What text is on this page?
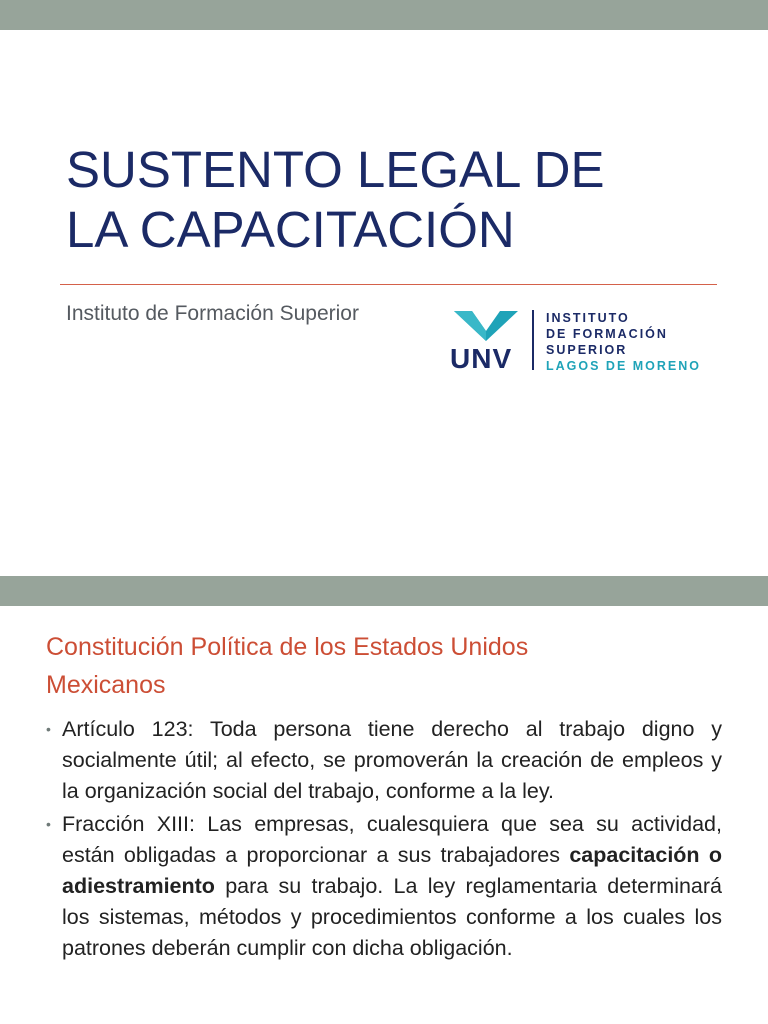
SUSTENTO LEGAL DE
LA CAPACITACIÓN
Instituto de Formación Superior
UNV
INSTITUTO
DE FORMACIÓN
SUPERIOR
LAGOS DE MORENO
Constitución Política de los Estados Unidos
Mexicanos
• Artículo 123: Toda persona tiene derecho al trabajo digno y socialmente útil; al efecto, se promoverán la creación de empleos y la organización social del trabajo, conforme a la ley.
• Fracción XIII: Las empresas, cualesquiera que sea su actividad, están obligadas a proporcionar a sus trabajadores capacitación o adiestramiento para su trabajo. La ley reglamentaria determinará los sistemas, métodos y procedimientos conforme a los cuales los patrones deberán cumplir con dicha obligación.
